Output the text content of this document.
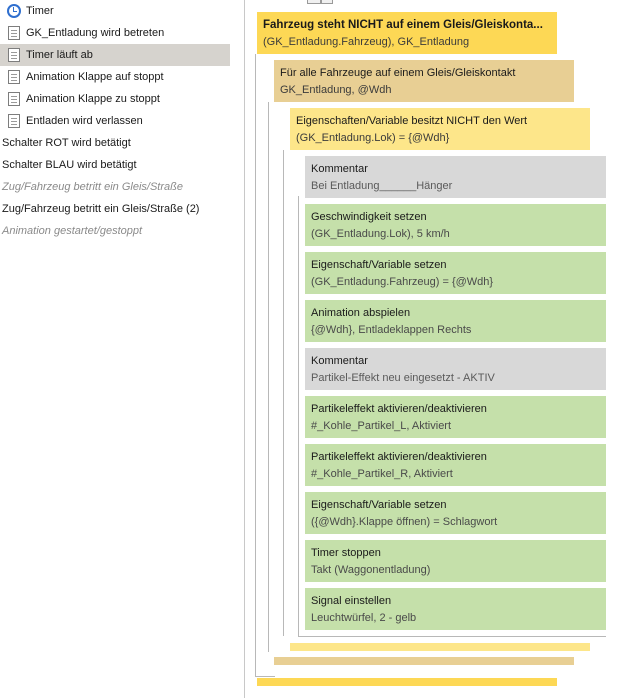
Timer
GK_Entladung wird betreten
Timer läuft ab
Animation Klappe auf stoppt
Animation Klappe zu stoppt
Entladen wird verlassen
Schalter ROT wird betätigt
Schalter BLAU wird betätigt
Zug/Fahrzeug betritt ein Gleis/Straße
Zug/Fahrzeug betritt ein Gleis/Straße (2)
Animation gestartet/gestoppt
Fahrzeug steht NICHT auf einem Gleis/Gleiskonta...
(GK_Entladung.Fahrzeug), GK_Entladung
Für alle Fahrzeuge auf einem Gleis/Gleiskontakt
GK_Entladung, @Wdh
Eigenschaften/Variable besitzt NICHT den Wert
(GK_Entladung.Lok) = {@Wdh}
Kommentar
Bei Entladung______Hänger
Geschwindigkeit setzen
(GK_Entladung.Lok), 5 km/h
Eigenschaft/Variable setzen
(GK_Entladung.Fahrzeug) = {@Wdh}
Animation abspielen
{@Wdh}, Entladeklappen Rechts
Kommentar
Partikel-Effekt neu eingesetzt - AKTIV
Partikeleffekt aktivieren/deaktivieren
#_Kohle_Partikel_L, Aktiviert
Partikeleffekt aktivieren/deaktivieren
#_Kohle_Partikel_R, Aktiviert
Eigenschaft/Variable setzen
({@Wdh}.Klappe öffnen) = Schlagwort
Timer stoppen
Takt (Waggonentladung)
Signal einstellen
Leuchtwürfel, 2 - gelb
